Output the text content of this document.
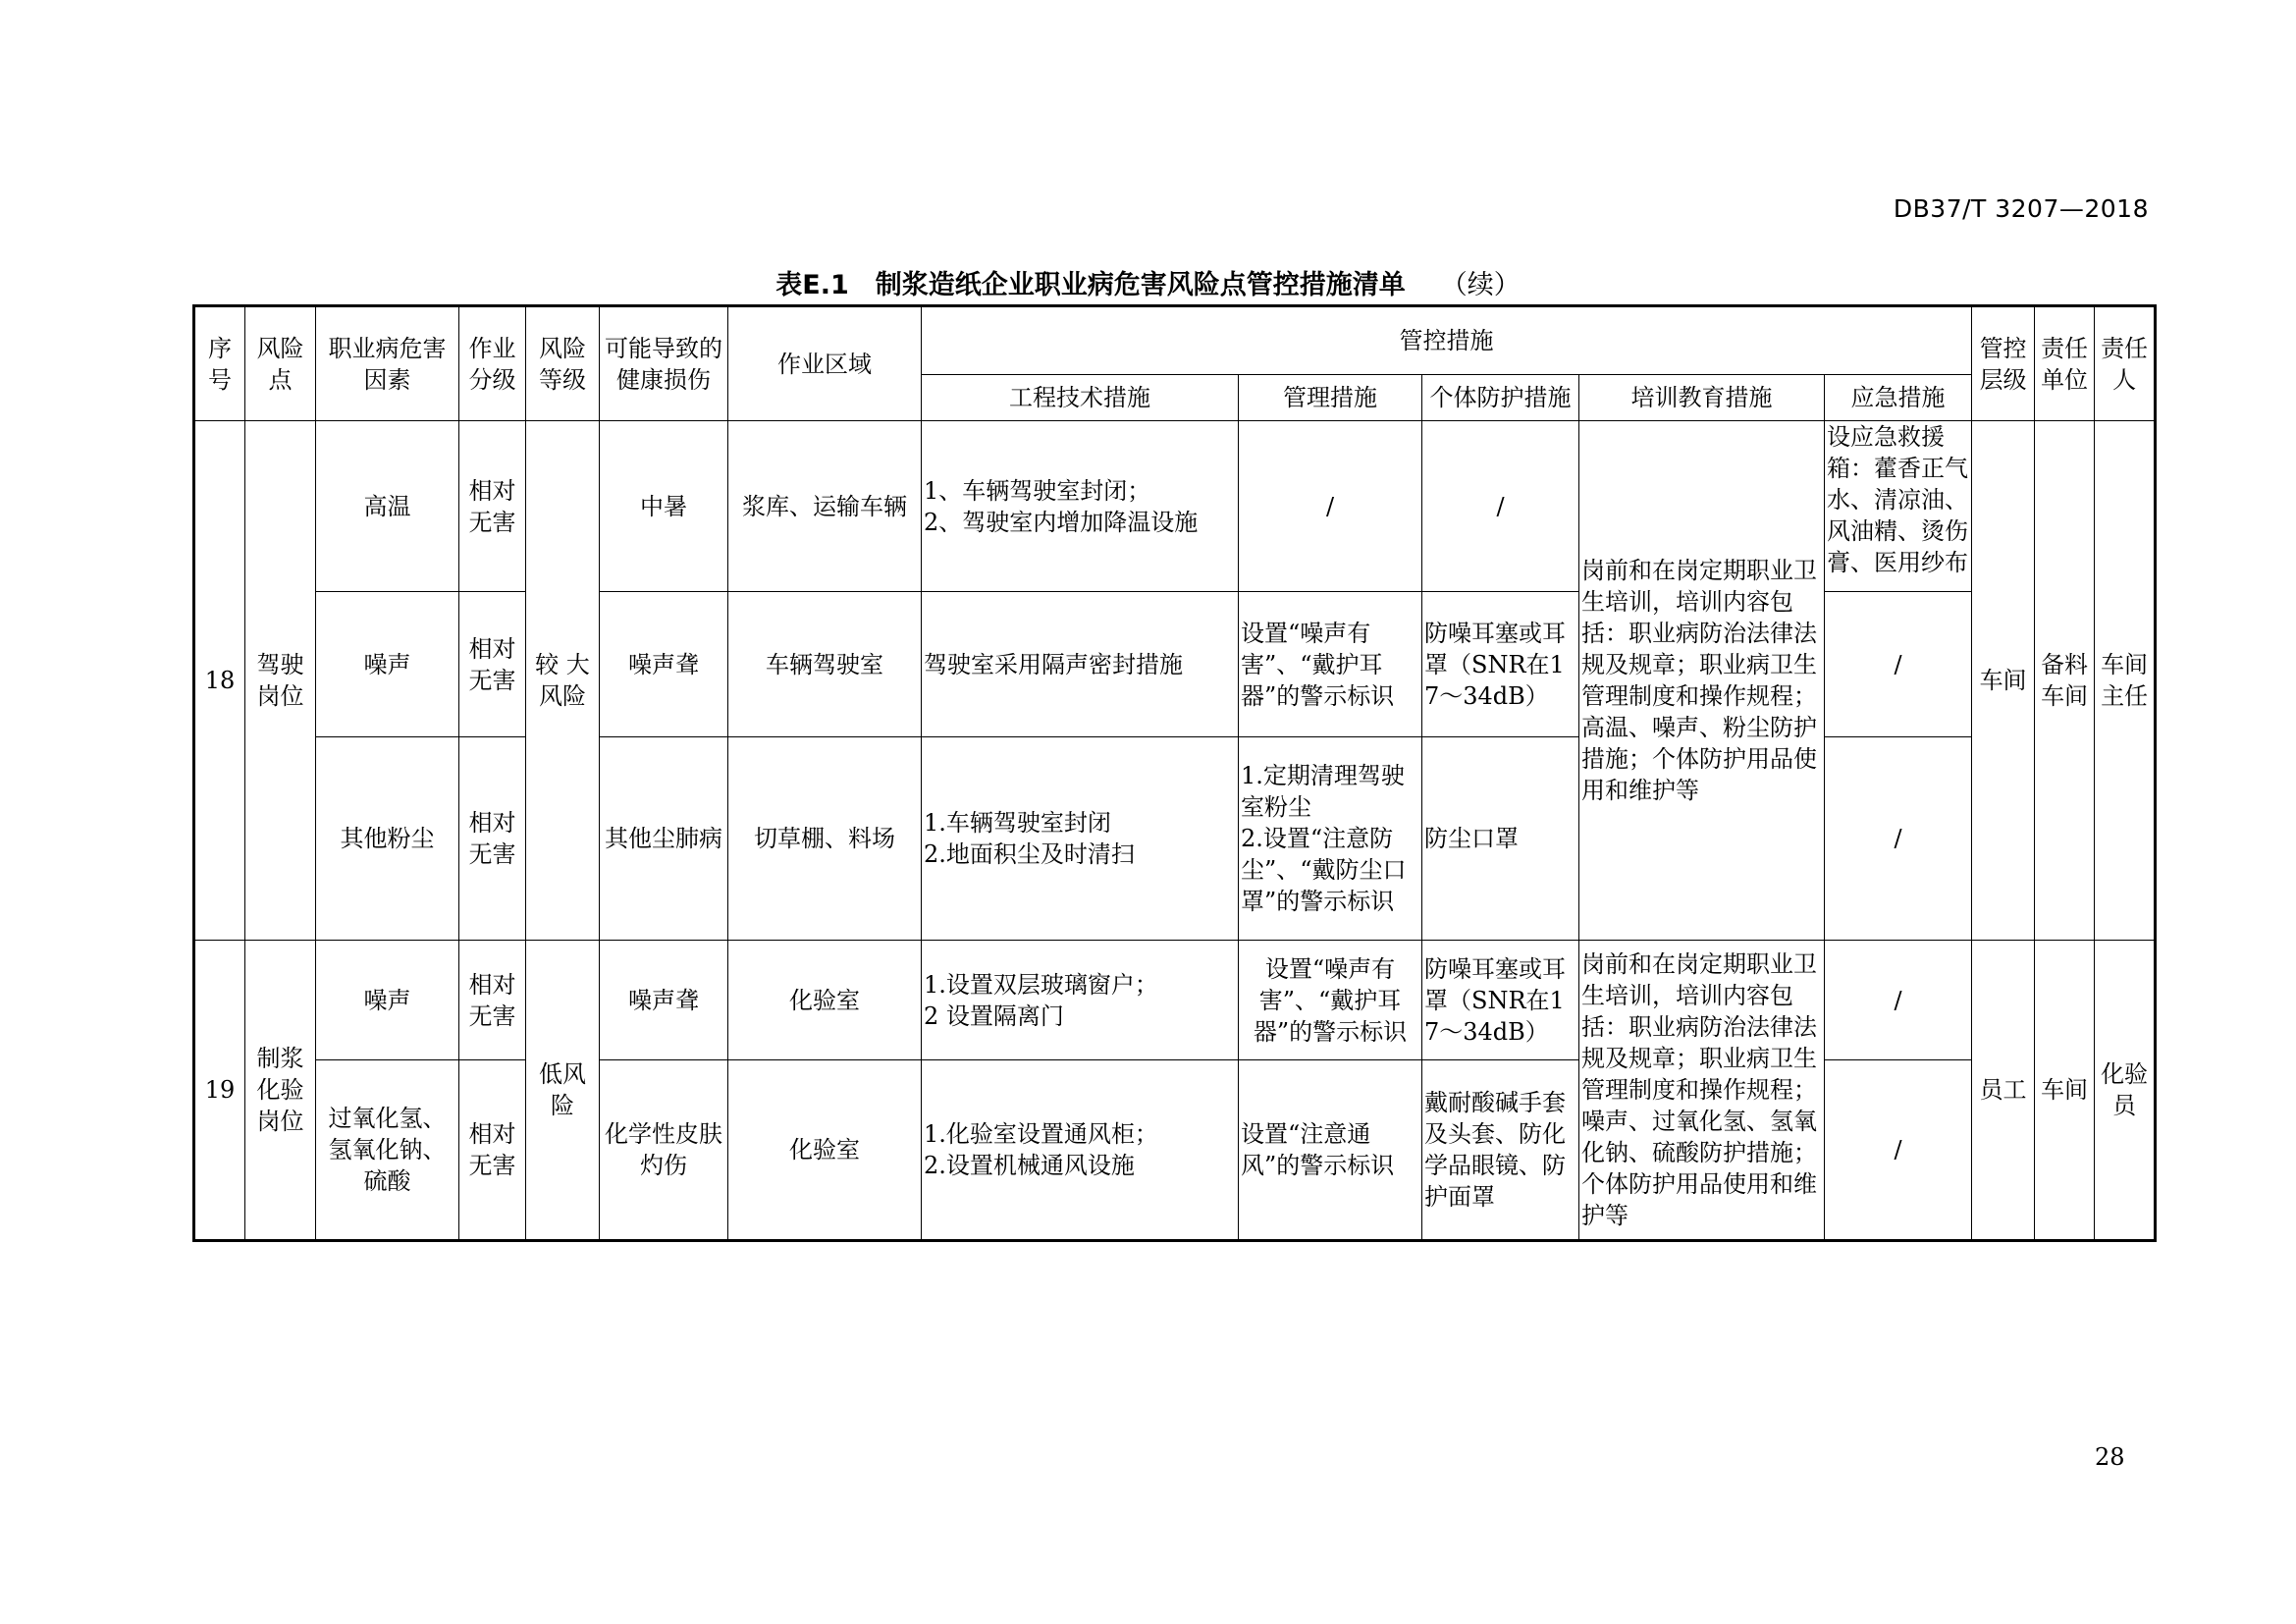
DB37/T 3207—2018
表E.1　制浆造纸企业职业病危害风险点管控措施清单 （续）
序号	风险点	职业病危害因素	作业分级	风险等级	可能导致的健康损伤	作业区域	管控措施					管控层级	责任单位	责任人
							工程技术措施	管理措施	个体防护措施	培训教育措施	应急措施			
18	驾驶岗位	高温	相对无害	较 大风险	中暑	浆库、运输车辆	1、车辆驾驶室封闭；
2、驾驶室内增加降温设施	/	/	岗前和在岗定期职业卫生培训，培训内容包括：职业病防治法律法规及规章；职业病卫生管理制度和操作规程；高温、噪声、粉尘防护措施；个体防护用品使用和维护等	设应急救援箱：藿香正气水、清凉油、风油精、烫伤膏、医用纱布	车间	备料车间	车间主任
		噪声	相对无害		噪声聋	车辆驾驶室	驾驶室采用隔声密封措施	设置“噪声有害”、“戴护耳器”的警示标识	防噪耳塞或耳罩（SNR在17～34dB）		/			
		其他粉尘	相对无害		其他尘肺病	切草棚、料场	1.车辆驾驶室封闭
2.地面积尘及时清扫	1.定期清理驾驶室粉尘
2.设置“注意防尘”、“戴防尘口罩”的警示标识	防尘口罩		/			
19	制浆化验岗位	噪声	相对无害	低风险	噪声聋	化验室	1.设置双层玻璃窗户；
2 设置隔离门	设置“噪声有害”、“戴护耳器”的警示标识	防噪耳塞或耳罩（SNR在17～34dB）	岗前和在岗定期职业卫生培训，培训内容包括：职业病防治法律法规及规章；职业病卫生管理制度和操作规程；噪声、过氧化氢、氢氧化钠、硫酸防护措施；个体防护用品使用和维护等	/	员工	车间	化验员
		过氧化氢、氢氧化钠、硫酸	相对无害		化学性皮肤灼伤	化验室	1.化验室设置通风柜；
2.设置机械通风设施	设置“注意通风”的警示标识	戴耐酸碱手套及头套、防化学品眼镜、防护面罩		/			
28
